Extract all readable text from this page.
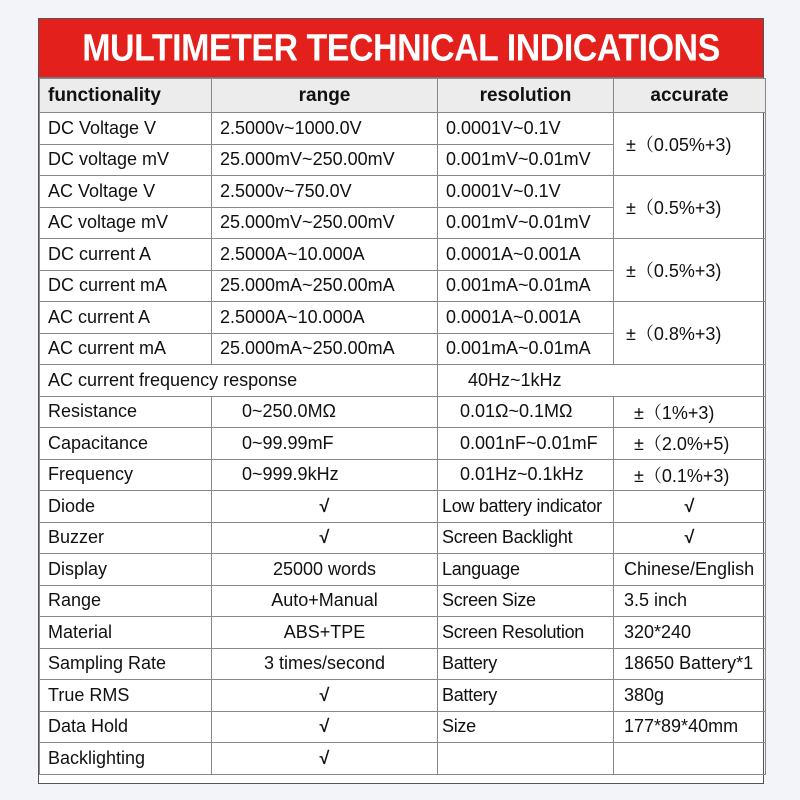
MULTIMETER TECHNICAL INDICATIONS
functionality	range	resolution	accurate
DC Voltage V	2.5000v~1000.0V	0.0001V~0.1V	±（0.05%+3)
DC voltage mV	25.000mV~250.00mV	0.001mV~0.01mV	
AC Voltage V	2.5000v~750.0V	0.0001V~0.1V	±（0.5%+3)
AC voltage mV	25.000mV~250.00mV	0.001mV~0.01mV	
DC current A	2.5000A~10.000A	0.0001A~0.001A	±（0.5%+3)
DC current mA	25.000mA~250.00mA	0.001mA~0.01mA	
AC current A	2.5000A~10.000A	0.0001A~0.001A	±（0.8%+3)
AC current mA	25.000mA~250.00mA	0.001mA~0.01mA	
AC current frequency response		40Hz~1kHz	
Resistance	0~250.0MΩ	0.01Ω~0.1MΩ	±（1%+3)
Capacitance	0~99.99mF	0.001nF~0.01mF	±（2.0%+5)
Frequency	0~999.9kHz	0.01Hz~0.1kHz	±（0.1%+3)
Diode	√	Low battery indicator	√
Buzzer	√	Screen Backlight	√
Display	25000 words	Language	Chinese/English
Range	Auto+Manual	Screen Size	3.5 inch
Material	ABS+TPE	Screen Resolution	320*240
Sampling Rate	3 times/second	Battery	18650 Battery*1
True RMS	√	Battery	380g
Data Hold	√	Size	177*89*40mm
Backlighting	√		
